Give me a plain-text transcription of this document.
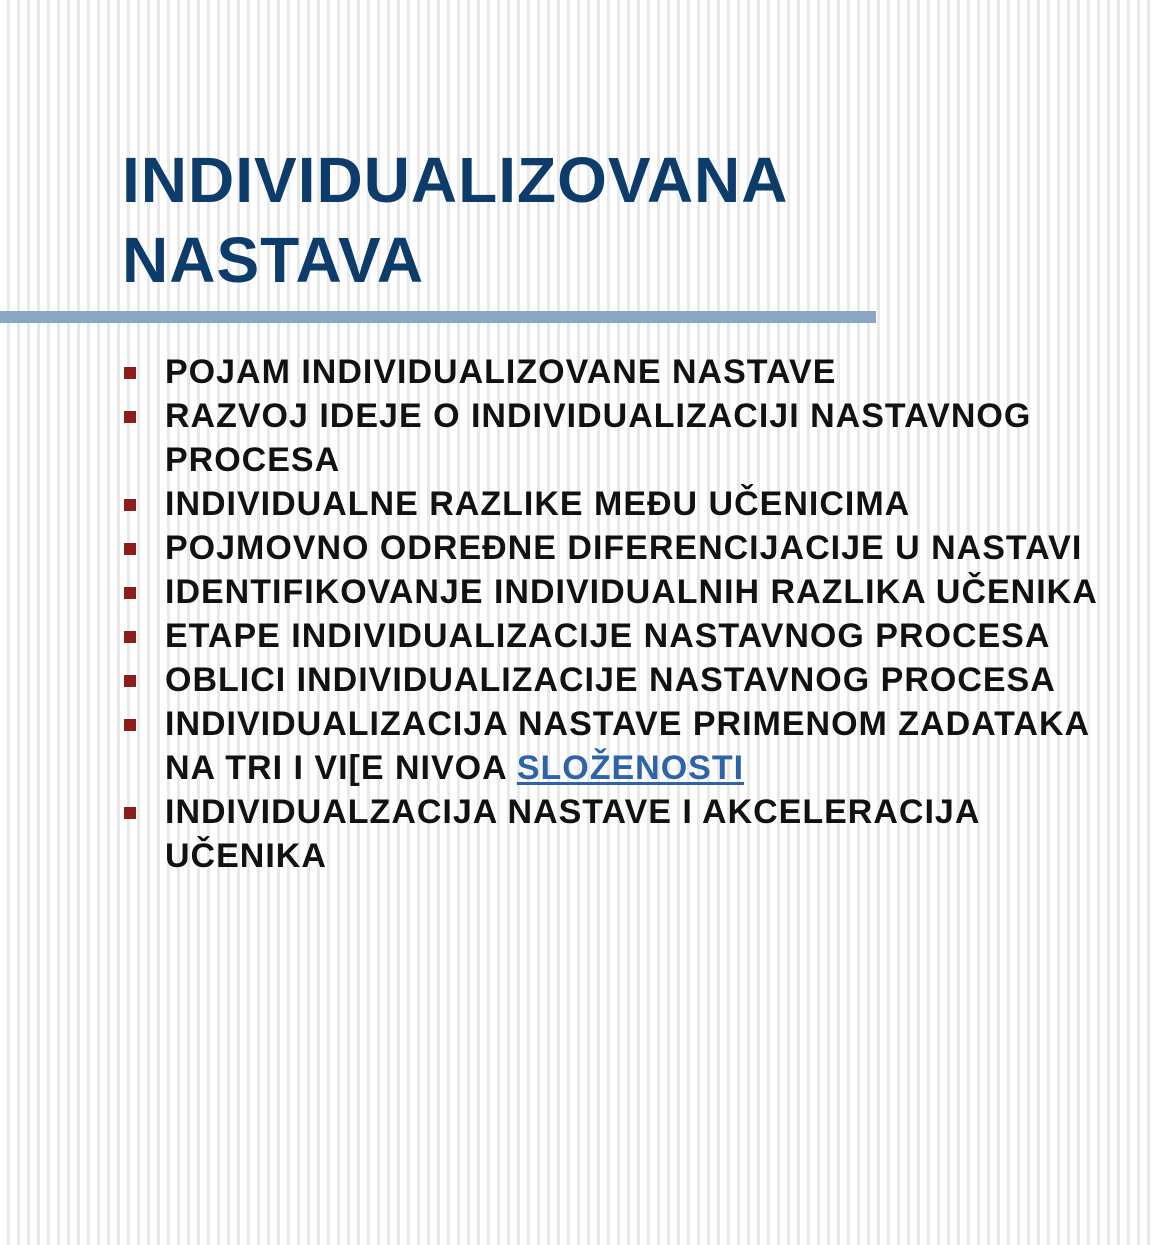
INDIVIDUALIZOVANA
NASTAVA
POJAM INDIVIDUALIZOVANE NASTAVE
RAZVOJ IDEJE O INDIVIDUALIZACIJI NASTAVNOG PROCESA
INDIVIDUALNE RAZLIKE MEĐU UČENICIMA
POJMOVNO ODREĐNE DIFERENCIJACIJE U NASTAVI
IDENTIFIKOVANJE INDIVIDUALNIH RAZLIKA UČENIKA
ETAPE INDIVIDUALIZACIJE NASTAVNOG PROCESA
OBLICI INDIVIDUALIZACIJE NASTAVNOG PROCESA
INDIVIDUALIZACIJA NASTAVE PRIMENOM ZADATAKA NA TRI I VI[E NIVOA SLOŽENOSTI
INDIVIDUALZACIJA NASTAVE I AKCELERACIJA UČENIKA
